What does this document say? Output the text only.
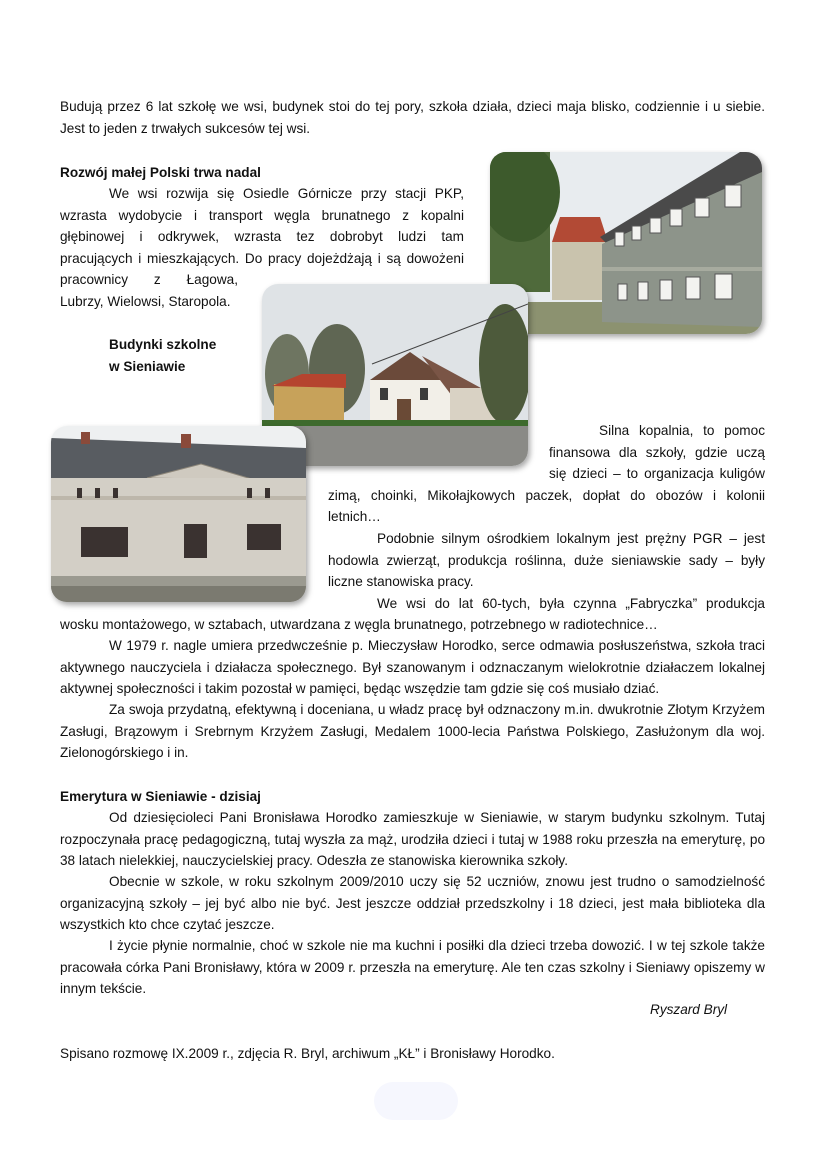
Budują przez 6 lat szkołę we wsi, budynek stoi do tej pory, szkoła działa, dzieci maja blisko, codziennie i u siebie. Jest to jeden z trwałych sukcesów tej wsi.

Rozwój małej Polski trwa nadal

We wsi rozwija się Osiedle Górnicze przy stacji PKP,
wzrasta wydobycie i transport węgla brunatnego z kopalni
głębinowej i odkrywek, wzrasta tez dobrobyt ludzi tam
pracujących i mieszkających. Do pracy dojeżdżają i są dowożeni
pracownicy z Łagowa,
Lubrzy, Wielowsi, Staropola.
Budynki szkolne
w Sieniawie
Silna kopalnia, to pomoc
finansowa dla szkoły, gdzie uczą
się dzieci – to organizacja kuligów
zimą, choinki, Mikołajkowych paczek, dopłat do obozów i kolonii
letnich…
Podobnie silnym ośrodkiem lokalnym jest prężny PGR – jest
hodowla zwierząt, produkcja roślinna, duże sieniawskie sady – były
liczne stanowiska pracy.
We wsi do lat 60-tych, była czynna „Fabryczka” produkcja

wosku montażowego, w sztabach, utwardzana z węgla brunatnego, potrzebnego w radiotechnice…

W 1979 r. nagle umiera przedwcześnie p. Mieczysław Horodko, serce odmawia posłuszeństwa, szkoła traci aktywnego nauczyciela i działacza społecznego. Był szanowanym i odznaczanym wielokrotnie działaczem lokalnej aktywnej społeczności i takim pozostał w pamięci, będąc wszędzie tam gdzie się coś musiało dziać.

Za swoja przydatną, efektywną i doceniana, u władz pracę był odznaczony m.in. dwukrotnie Złotym Krzyżem Zasługi, Brązowym i Srebrnym Krzyżem Zasługi, Medalem 1000-lecia Państwa Polskiego, Zasłużonym dla woj. Zielonogórskiego i in.

Emerytura w Sieniawie - dzisiaj

Od dziesięcioleci Pani Bronisława Horodko zamieszkuje w Sieniawie, w starym budynku szkolnym. Tutaj rozpoczynała pracę pedagogiczną, tutaj wyszła za mąż, urodziła dzieci i tutaj w 1988 roku przeszła na emeryturę, po 38 latach nielekkiej, nauczycielskiej pracy. Odeszła ze stanowiska kierownika szkoły.

Obecnie w szkole, w roku szkolnym 2009/2010 uczy się 52 uczniów, znowu jest trudno o samodzielność organizacyjną szkoły – jej być albo nie być. Jest jeszcze oddział przedszkolny i 18 dzieci, jest mała biblioteka dla wszystkich kto chce czytać jeszcze.

I życie płynie normalnie, choć w szkole nie ma kuchni i posiłki dla dzieci trzeba dowozić. I w tej szkole także pracowała córka Pani Bronisławy, która w 2009 r. przeszła na emeryturę. Ale ten czas szkolny i Sieniawy opiszemy w innym tekście.

Ryszard Bryl

Spisano rozmowę IX.2009 r., zdjęcia R. Bryl, archiwum „KŁ” i Bronisławy Horodko.
